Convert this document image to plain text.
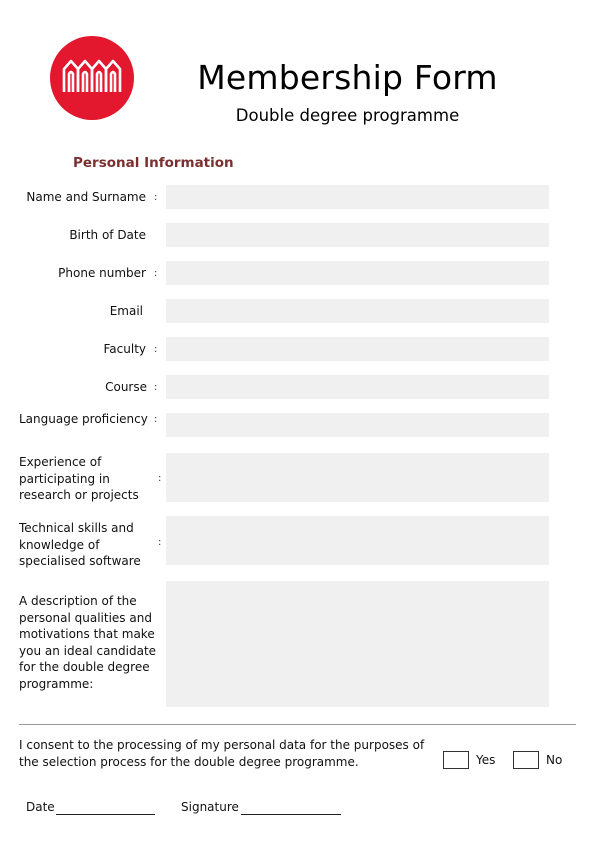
Membership Form
Double degree programme
Personal Information
Name and Surname :
Birth of Date
Phone number :
Email
Faculty :
Course :
Language proficiency :
Experience of participating in research or projects
:
Technical skills and knowledge of specialised software
:
A description of the personal qualities and motivations that make you an ideal candidate for the double degree programme:
I consent to the processing of my personal data for the purposes of the selection process for the double degree programme.	Yes	No
Date	Signature
